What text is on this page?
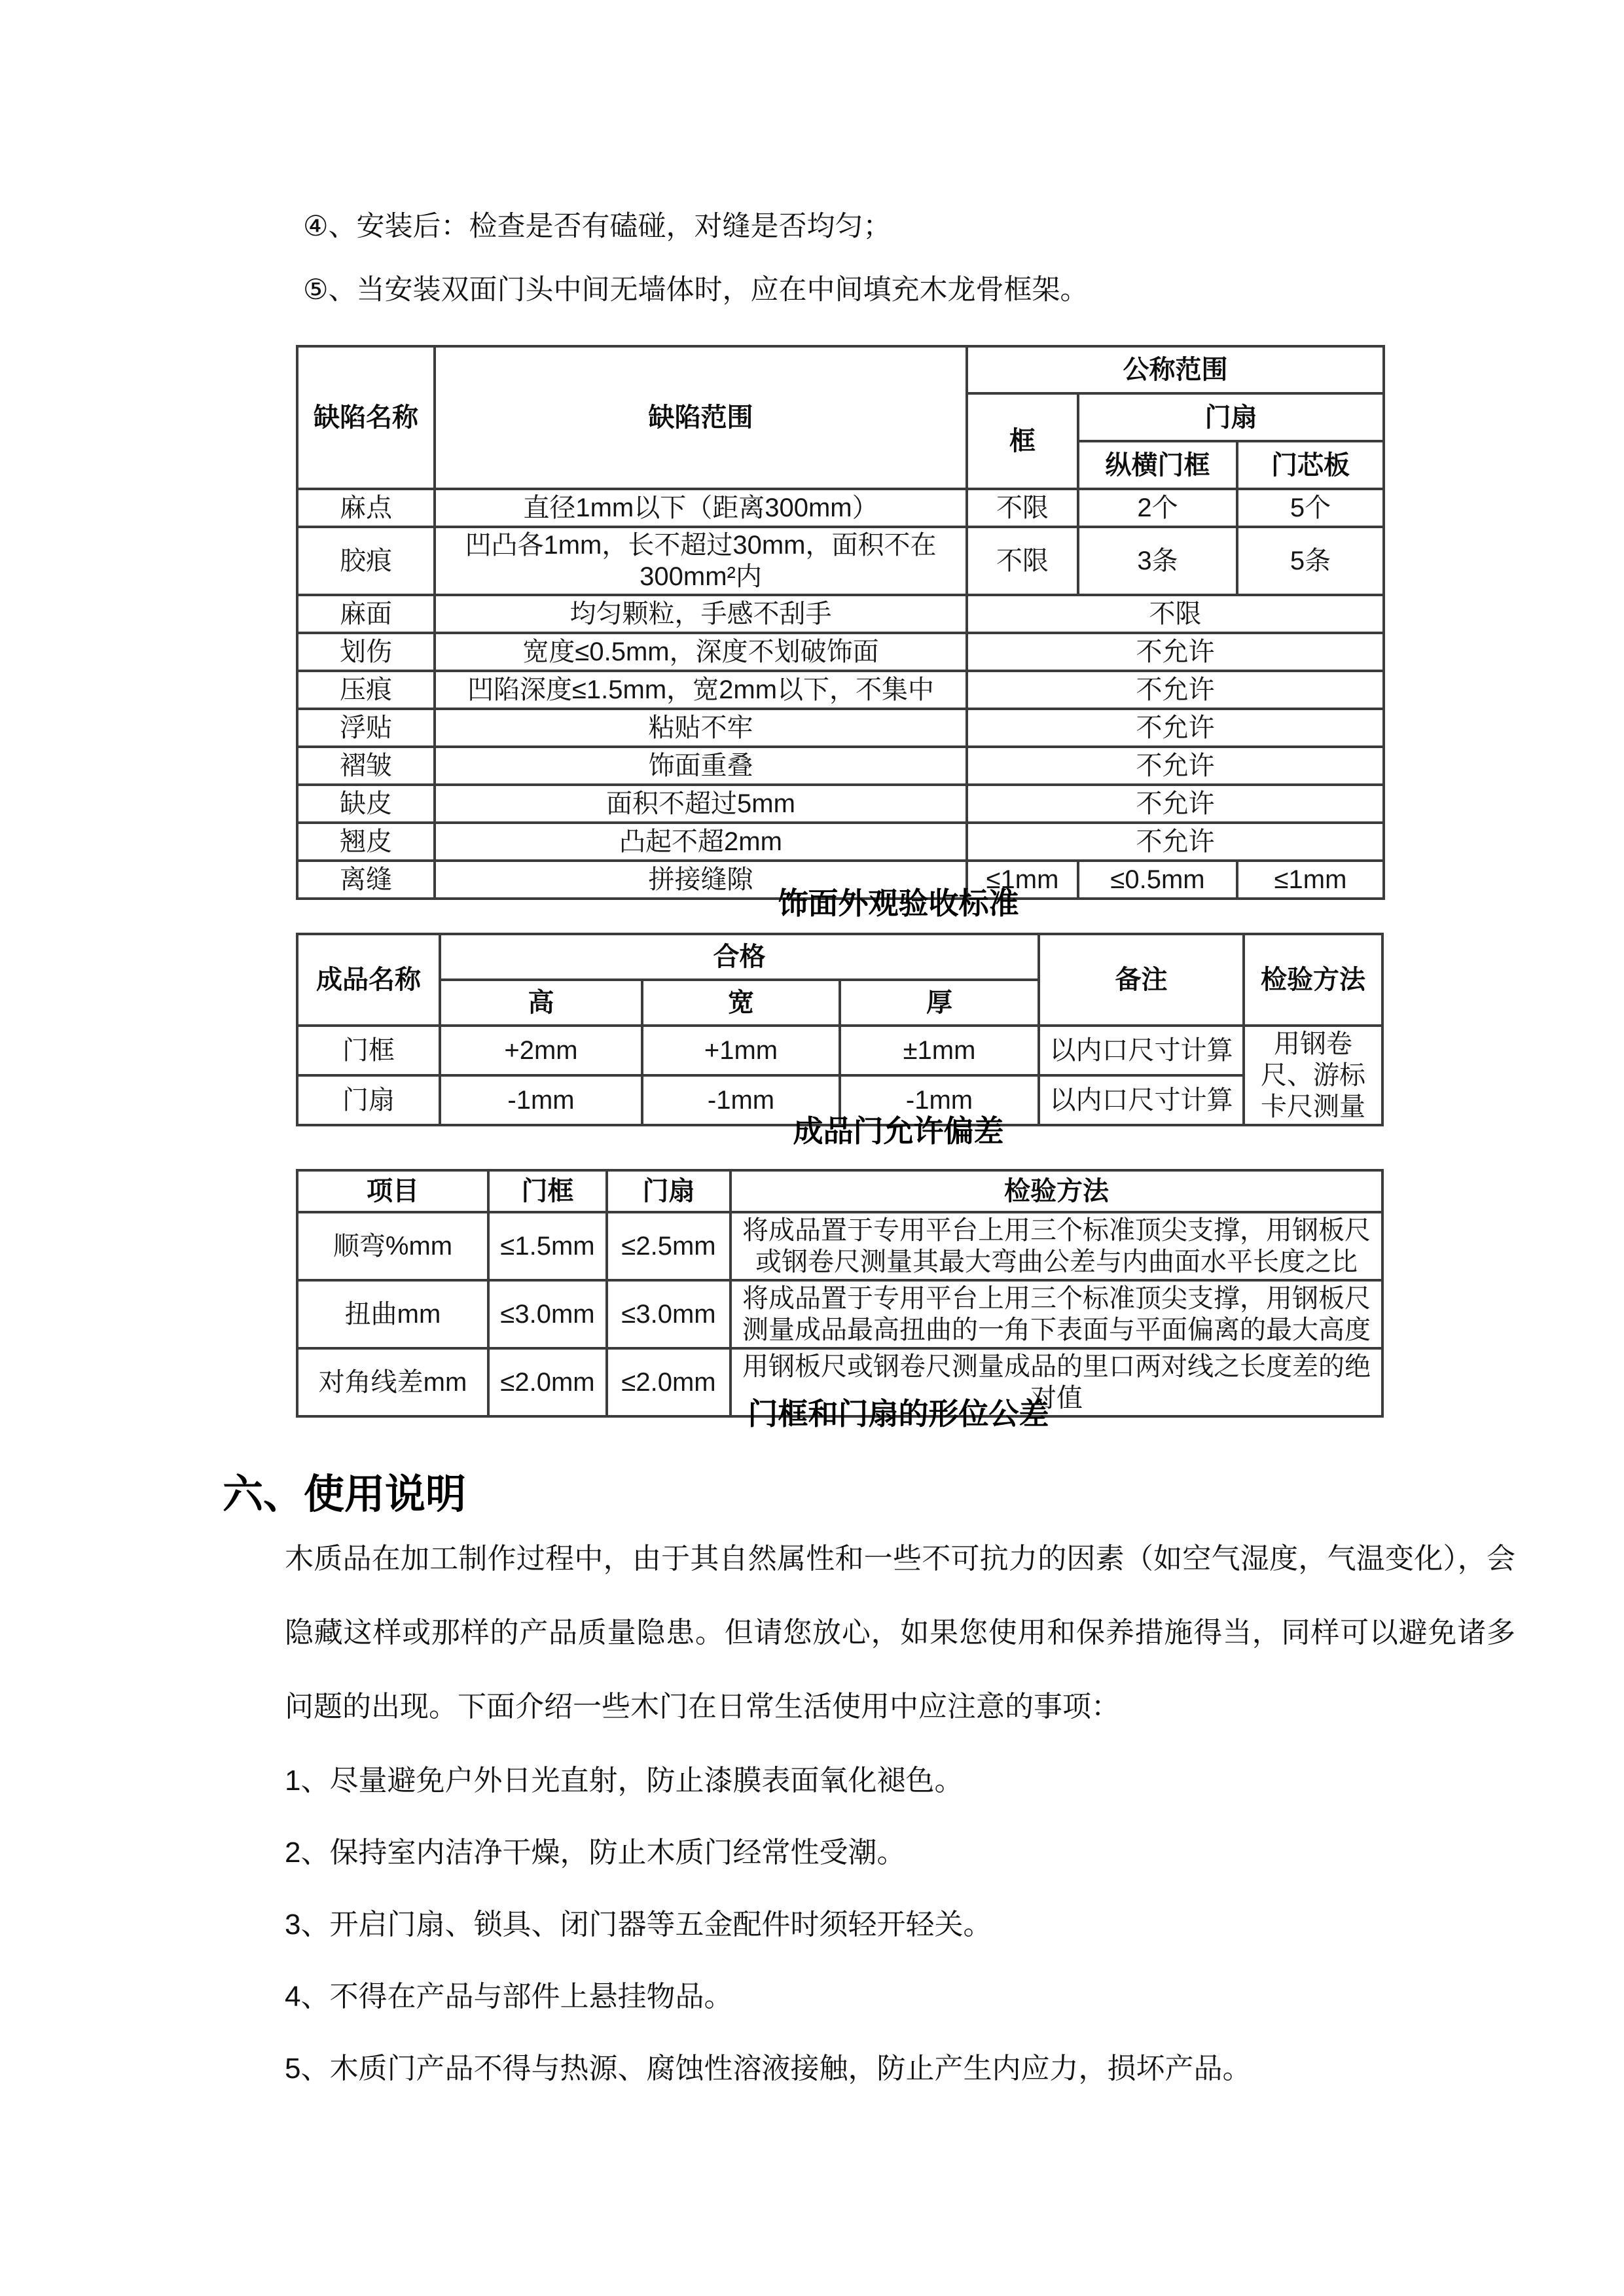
④、安装后：检查是否有磕碰，对缝是否均匀；
⑤、当安装双面门头中间无墙体时，应在中间填充木龙骨框架。
缺陷名称	缺陷范围	公称范围		
		框	门扇	
			纵横门框	门芯板
麻点	直径1mm以下（距离300mm）	不限	2个	5个
胶痕	凹凸各1mm，长不超过30mm，面积不在300mm²内	不限	3条	5条
麻面	均匀颗粒，手感不刮手	不限		
划伤	宽度≤0.5mm，深度不划破饰面	不允许		
压痕	凹陷深度≤1.5mm，宽2mm以下，不集中	不允许		
浮贴	粘贴不牢	不允许		
褶皱	饰面重叠	不允许		
缺皮	面积不超过5mm	不允许		
翘皮	凸起不超2mm	不允许		
离缝	拼接缝隙	≤1mm	≤0.5mm	≤1mm
饰面外观验收标准
成品名称	合格			备注	检验方法
	高	宽	厚		
门框	+2mm	+1mm	±1mm	以内口尺寸计算	用钢卷尺、游标卡尺测量
门扇	-1mm	-1mm	-1mm	以内口尺寸计算	
成品门允许偏差
项目	门框	门扇	检验方法
顺弯%mm	≤1.5mm	≤2.5mm	将成品置于专用平台上用三个标准顶尖支撑，用钢板尺或钢卷尺测量其最大弯曲公差与内曲面水平长度之比
扭曲mm	≤3.0mm	≤3.0mm	将成品置于专用平台上用三个标准顶尖支撑，用钢板尺测量成品最高扭曲的一角下表面与平面偏离的最大高度
对角线差mm	≤2.0mm	≤2.0mm	用钢板尺或钢卷尺测量成品的里口两对线之长度差的绝对值
门框和门扇的形位公差
六、使用说明
木质品在加工制作过程中，由于其自然属性和一些不可抗力的因素（如空气湿度，气温变化），会隐藏这样或那样的产品质量隐患。但请您放心，如果您使用和保养措施得当，同样可以避免诸多问题的出现。下面介绍一些木门在日常生活使用中应注意的事项：
1、尽量避免户外日光直射，防止漆膜表面氧化褪色。
2、保持室内洁净干燥，防止木质门经常性受潮。
3、开启门扇、锁具、闭门器等五金配件时须轻开轻关。
4、不得在产品与部件上悬挂物品。
5、木质门产品不得与热源、腐蚀性溶液接触，防止产生内应力，损坏产品。
